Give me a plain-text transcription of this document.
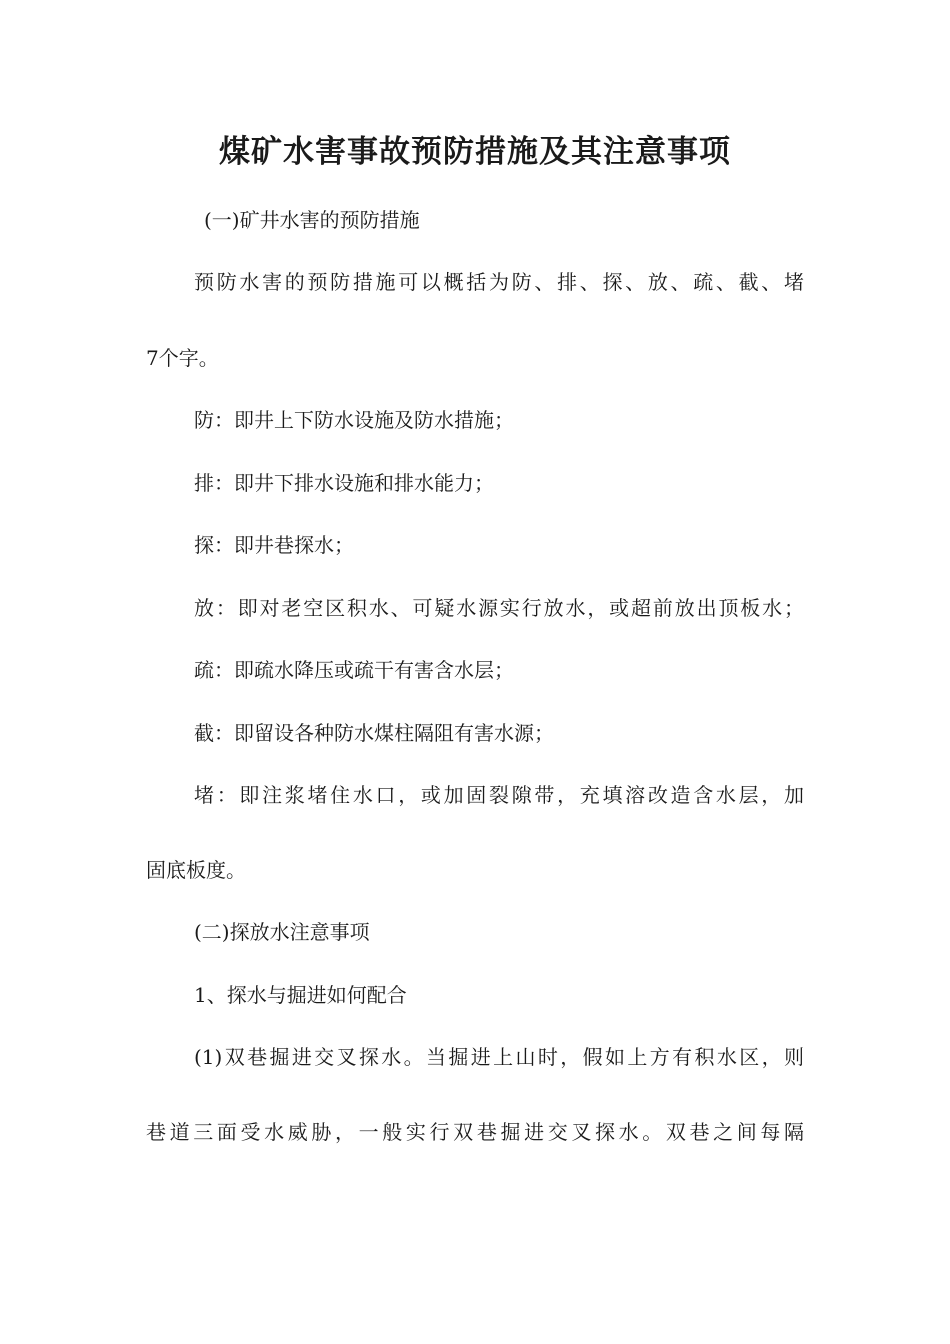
煤矿水害事故预防措施及其注意事项

(一)矿井水害的预防措施

预防水害的预防措施可以概括为防、排、探、放、疏、截、堵

7个字。

防：即井上下防水设施及防水措施；

排：即井下排水设施和排水能力；

探：即井巷探水；

放：即对老空区积水、可疑水源实行放水，或超前放出顶板水；

疏：即疏水降压或疏干有害含水层；

截：即留设各种防水煤柱隔阻有害水源；

堵：即注浆堵住水口，或加固裂隙带，充填溶改造含水层，加

固底板度。

(二)探放水注意事项

1、探水与掘进如何配合

(1)双巷掘进交叉探水。当掘进上山时，假如上方有积水区，则

巷道三面受水威胁，一般实行双巷掘进交叉探水。双巷之间每隔
